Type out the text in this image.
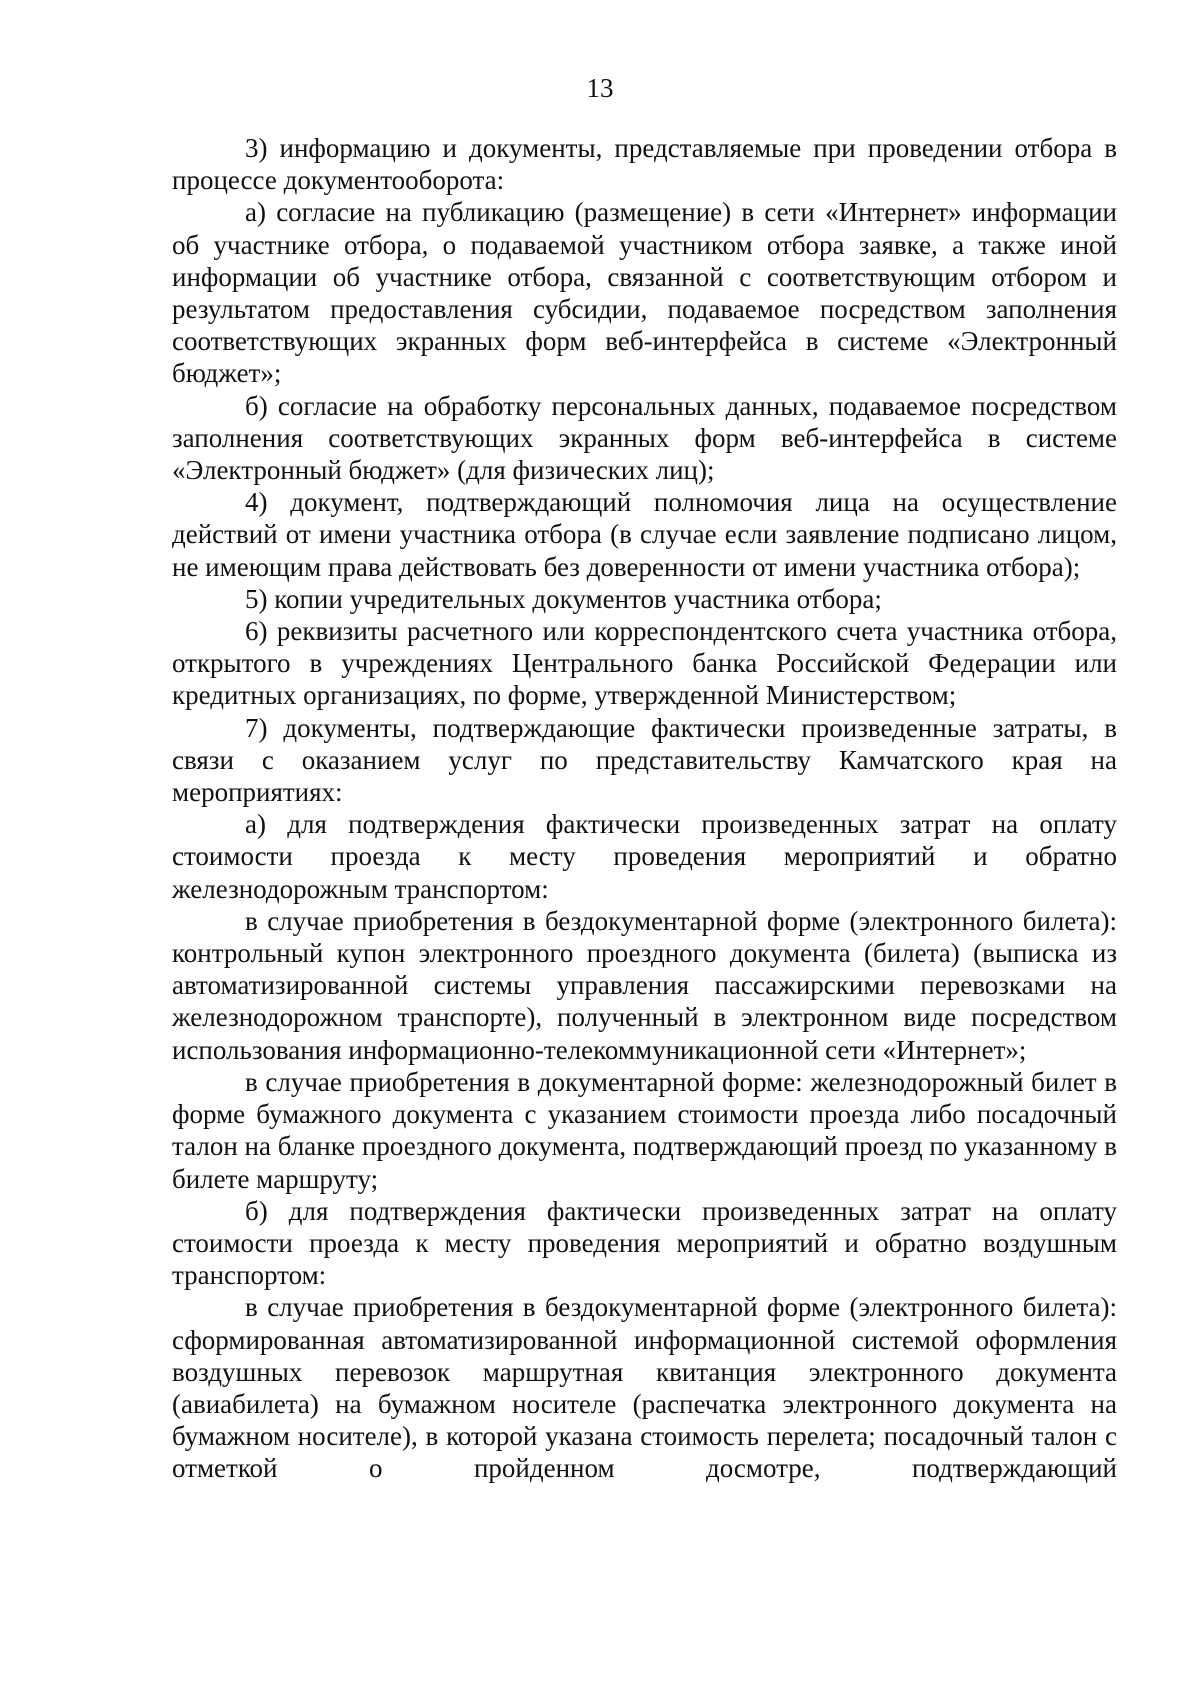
13

3) информацию и документы, представляемые при проведении отбора в процессе документооборота:

а) согласие на публикацию (размещение) в сети «Интернет» информации об участнике отбора, о подаваемой участником отбора заявке, а также иной информации об участнике отбора, связанной с соответствующим отбором и результатом предоставления субсидии, подаваемое посредством заполнения соответствующих экранных форм веб-интерфейса в системе «Электронный бюджет»;

б) согласие на обработку персональных данных, подаваемое посредством заполнения соответствующих экранных форм веб-интерфейса в системе «Электронный бюджет» (для физических лиц);

4) документ, подтверждающий полномочия лица на осуществление действий от имени участника отбора (в случае если заявление подписано лицом, не имеющим права действовать без доверенности от имени участника отбора);

5) копии учредительных документов участника отбора;

6) реквизиты расчетного или корреспондентского счета участника отбора, открытого в учреждениях Центрального банка Российской Федерации или кредитных организациях, по форме, утвержденной Министерством;

7) документы, подтверждающие фактически произведенные затраты, в связи с оказанием услуг по представительству Камчатского края на мероприятиях:

а) для подтверждения фактически произведенных затрат на оплату стоимости проезда к месту проведения мероприятий и обратно железнодорожным транспортом:

в случае приобретения в бездокументарной форме (электронного билета): контрольный купон электронного проездного документа (билета) (выписка из автоматизированной системы управления пассажирскими перевозками на железнодорожном транспорте), полученный в электронном виде посредством использования информационно-телекоммуникационной сети «Интернет»;

в случае приобретения в документарной форме: железнодорожный билет в форме бумажного документа с указанием стоимости проезда либо посадочный талон на бланке проездного документа, подтверждающий проезд по указанному в билете маршруту;

б) для подтверждения фактически произведенных затрат на оплату стоимости проезда к месту проведения мероприятий и обратно воздушным транспортом:

в случае приобретения в бездокументарной форме (электронного билета): сформированная автоматизированной информационной системой оформления воздушных перевозок маршрутная квитанция электронного документа (авиабилета) на бумажном носителе (распечатка электронного документа на бумажном носителе), в которой указана стоимость перелета; посадочный талон с отметкой о пройденном досмотре, подтверждающий
